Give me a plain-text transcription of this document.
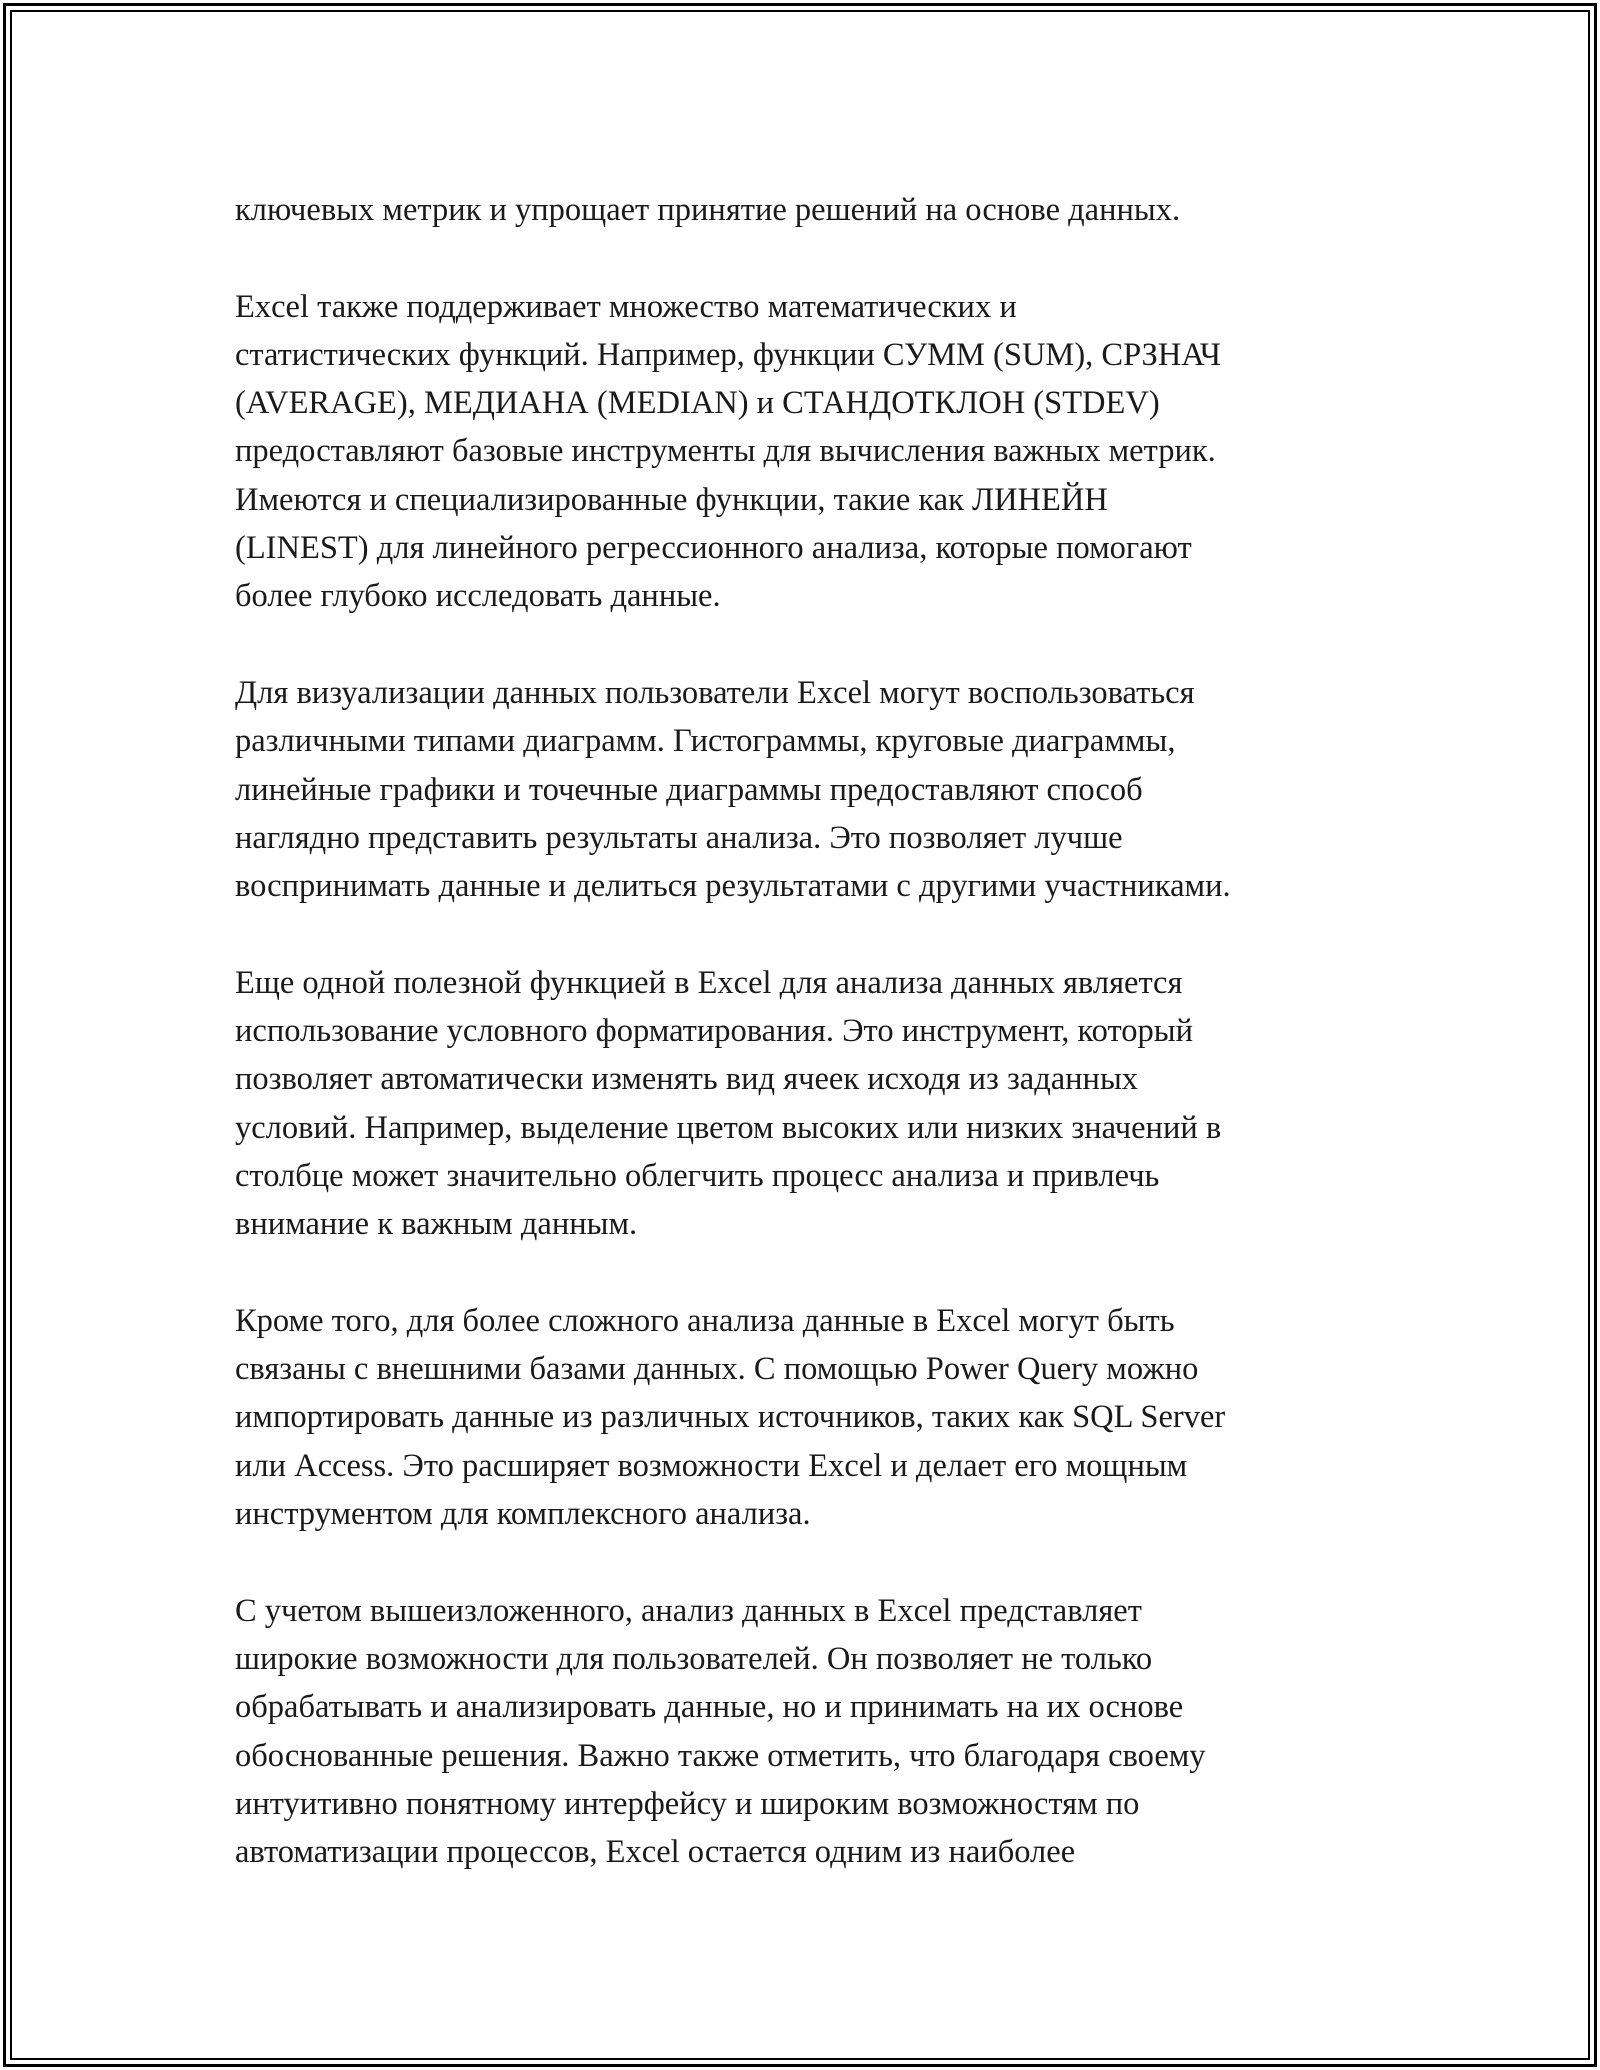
ключевых метрик и упрощает принятие решений на основе данных.

Excel также поддерживает множество математических и
статистических функций. Например, функции СУММ (SUM), СРЗНАЧ
(AVERAGE), МЕДИАНА (MEDIAN) и СТАНДОТКЛОН (STDEV)
предоставляют базовые инструменты для вычисления важных метрик.
Имеются и специализированные функции, такие как ЛИНЕЙН
(LINEST) для линейного регрессионного анализа, которые помогают
более глубоко исследовать данные.

Для визуализации данных пользователи Excel могут воспользоваться
различными типами диаграмм. Гистограммы, круговые диаграммы,
линейные графики и точечные диаграммы предоставляют способ
наглядно представить результаты анализа. Это позволяет лучше
воспринимать данные и делиться результатами с другими участниками.

Еще одной полезной функцией в Excel для анализа данных является
использование условного форматирования. Это инструмент, который
позволяет автоматически изменять вид ячеек исходя из заданных
условий. Например, выделение цветом высоких или низких значений в
столбце может значительно облегчить процесс анализа и привлечь
внимание к важным данным.

Кроме того, для более сложного анализа данные в Excel могут быть
связаны с внешними базами данных. С помощью Power Query можно
импортировать данные из различных источников, таких как SQL Server
или Access. Это расширяет возможности Excel и делает его мощным
инструментом для комплексного анализа.

С учетом вышеизложенного, анализ данных в Excel представляет
широкие возможности для пользователей. Он позволяет не только
обрабатывать и анализировать данные, но и принимать на их основе
обоснованные решения. Важно также отметить, что благодаря своему
интуитивно понятному интерфейсу и широким возможностям по
автоматизации процессов, Excel остается одним из наиболее
